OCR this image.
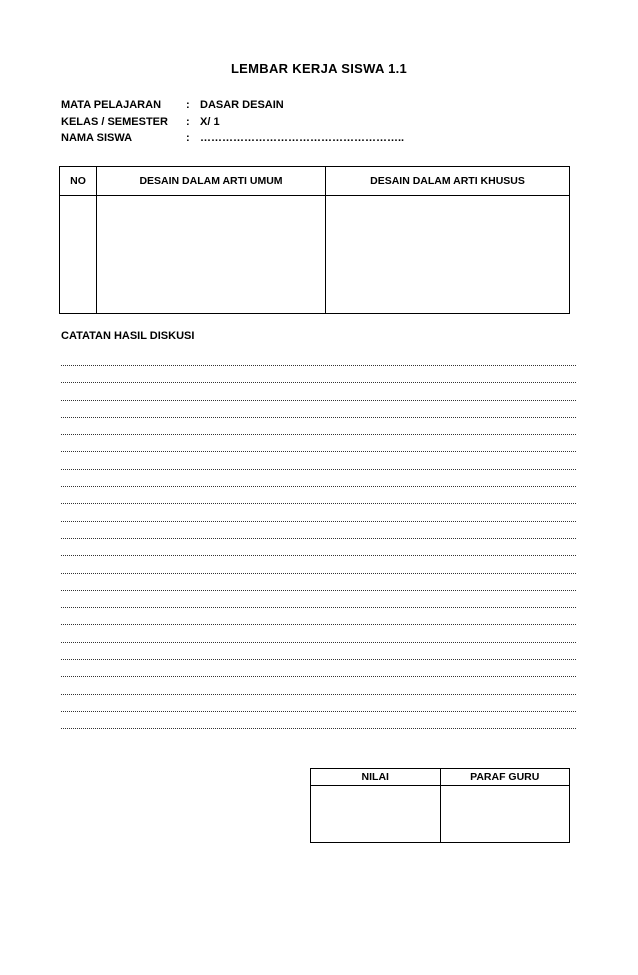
LEMBAR KERJA SISWA 1.1
MATA PELAJARAN : DASAR DESAIN
KELAS / SEMESTER : X/ 1
NAMA SISWA	: ………………………………………………..
NO	DESAIN DALAM ARTI UMUM	DESAIN DALAM ARTI KHUSUS

CATATAN HASIL DISKUSI
NILAI	PARAF GURU
